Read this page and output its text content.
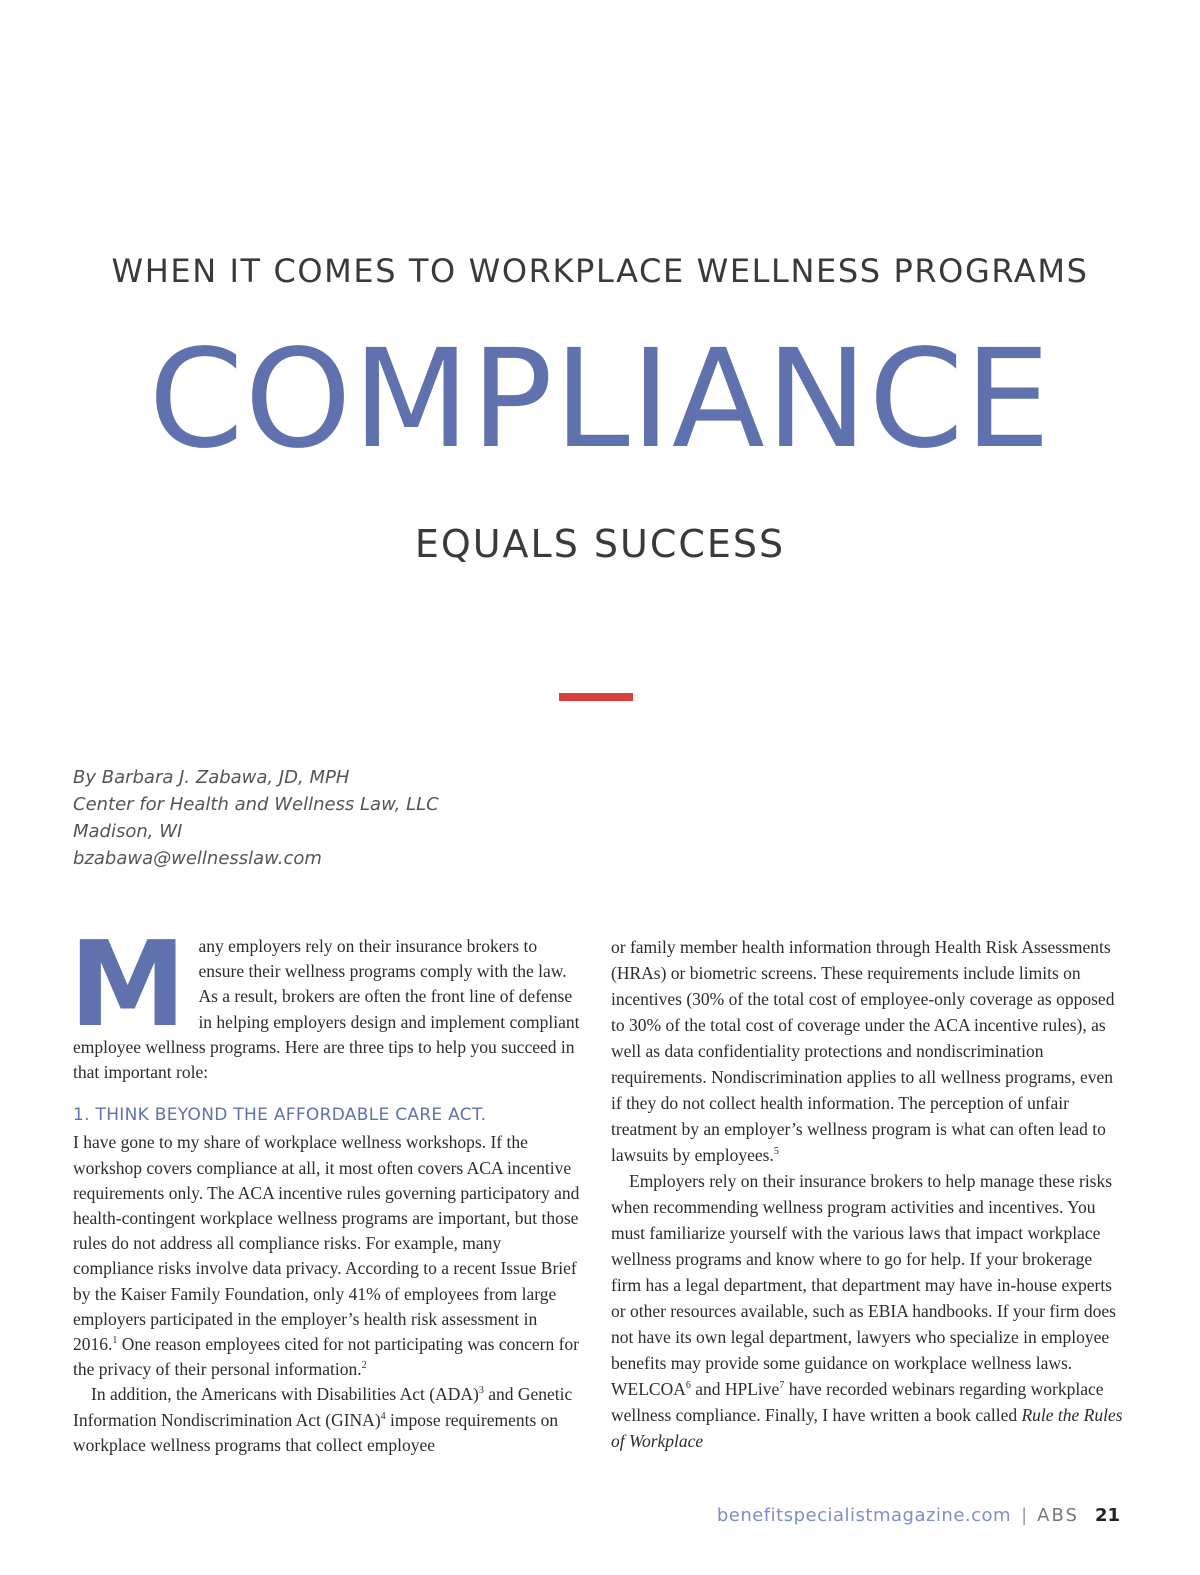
WHEN IT COMES TO WORKPLACE WELLNESS PROGRAMS
COMPLIANCE
EQUALS SUCCESS
By Barbara J. Zabawa, JD, MPH
Center for Health and Wellness Law, LLC
Madison, WI
bzabawa@wellnesslaw.com
M any employers rely on their insurance brokers to ensure their wellness programs comply with the law. As a result, brokers are often the front line of defense in helping employers design and implement compliant employee wellness programs. Here are three tips to help you succeed in that important role:

1. THINK BEYOND THE AFFORDABLE CARE ACT.

I have gone to my share of workplace wellness workshops. If the workshop covers compliance at all, it most often covers ACA incentive requirements only. The ACA incentive rules governing participatory and health-contingent workplace wellness programs are important, but those rules do not address all compliance risks. For example, many compliance risks involve data privacy. According to a recent Issue Brief by the Kaiser Family Foundation, only 41% of employees from large employers participated in the employer’s health risk assessment in 2016.$^1$ One reason employees cited for not participating was concern for the privacy of their personal information.$^2$

In addition, the Americans with Disabilities Act (ADA)$^3$ and Genetic Information Nondiscrimination Act (GINA)$^4$ impose requirements on workplace wellness programs that collect employee

or family member health information through Health Risk Assessments (HRAs) or biometric screens. These requirements include limits on incentives (30% of the total cost of employee-only coverage as opposed to 30% of the total cost of coverage under the ACA incentive rules), as well as data confidentiality protections and nondiscrimination requirements. Nondiscrimination applies to all wellness programs, even if they do not collect health information. The perception of unfair treatment by an employer’s wellness program is what can often lead to lawsuits by employees.$^5$

Employers rely on their insurance brokers to help manage these risks when recommending wellness program activities and incentives. You must familiarize yourself with the various laws that impact workplace wellness programs and know where to go for help. If your brokerage firm has a legal department, that department may have in-house experts or other resources available, such as EBIA handbooks. If your firm does not have its own legal department, lawyers who specialize in employee benefits may provide some guidance on workplace wellness laws. WELCOA$^6$ and HPLive$^7$ have recorded webinars regarding workplace wellness compliance. Finally, I have written a book called Rule the Rules of Workplace

benefitspecialistmagazine.com | ABS 21
